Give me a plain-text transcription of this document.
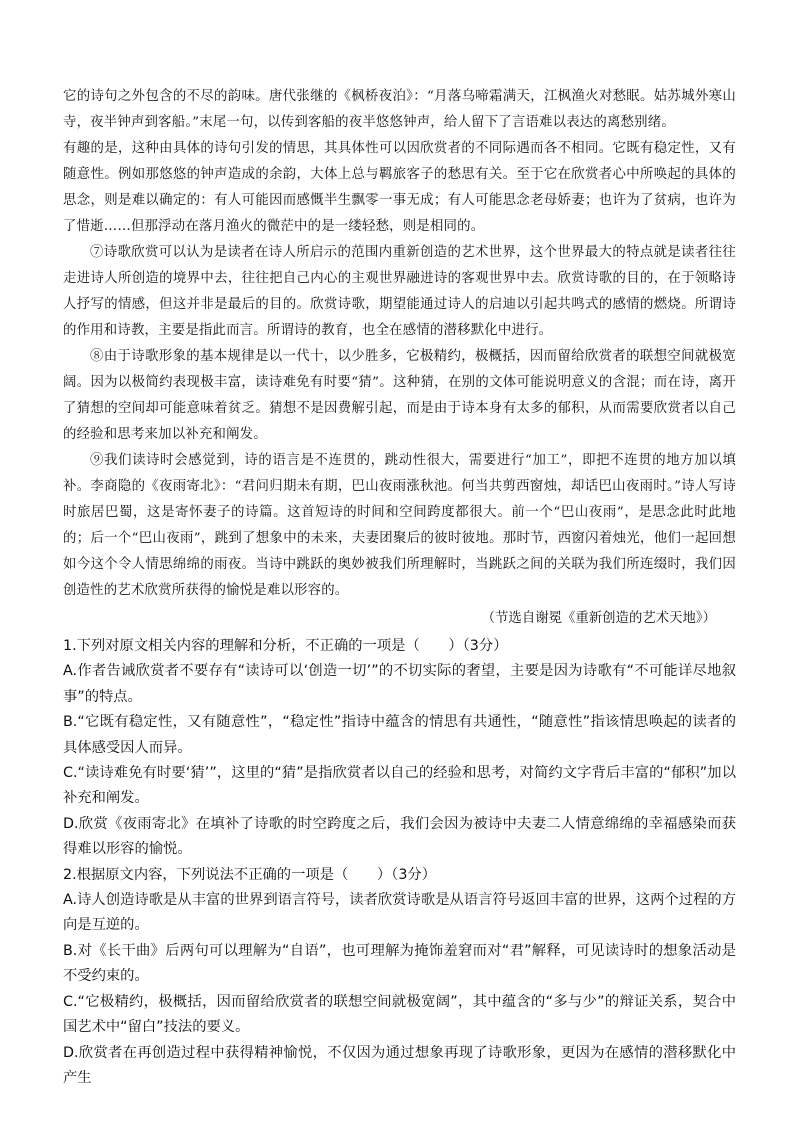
它的诗句之外包含的不尽的韵味。唐代张继的《枫桥夜泊》：“月落乌啼霜满天，江枫渔火对愁眠。姑苏城外寒山寺，夜半钟声到客船。”末尾一句，以传到客船的夜半悠悠钟声，给人留下了言语难以表达的离愁别绪。

有趣的是，这种由具体的诗句引发的情思，其具体性可以因欣赏者的不同际遇而各不相同。它既有稳定性，又有随意性。例如那悠悠的钟声造成的余韵，大体上总与羁旅客子的愁思有关。至于它在欣赏者心中所唤起的具体的思念，则是难以确定的：有人可能因而感慨半生飘零一事无成；有人可能思念老母娇妻；也许为了贫病，也许为了惜逝……但那浮动在落月渔火的微茫中的是一缕轻愁，则是相同的。

⑦诗歌欣赏可以认为是读者在诗人所启示的范围内重新创造的艺术世界，这个世界最大的特点就是读者往往走进诗人所创造的境界中去，往往把自己内心的主观世界融进诗的客观世界中去。欣赏诗歌的目的，在于领略诗人抒写的情感，但这并非是最后的目的。欣赏诗歌，期望能通过诗人的启迪以引起共鸣式的感情的燃烧。所谓诗的作用和诗教，主要是指此而言。所谓诗的教育，也全在感情的潜移默化中进行。

⑧由于诗歌形象的基本规律是以一代十，以少胜多，它极精约，极概括，因而留给欣赏者的联想空间就极宽阔。因为以极简约表现极丰富，读诗难免有时要“猜”。这种猜，在别的文体可能说明意义的含混；而在诗，离开了猜想的空间却可能意味着贫乏。猜想不是因费解引起，而是由于诗本身有太多的郁积，从而需要欣赏者以自己的经验和思考来加以补充和阐发。

⑨我们读诗时会感觉到，诗的语言是不连贯的，跳动性很大，需要进行“加工”，即把不连贯的地方加以填补。李商隐的《夜雨寄北》：“君问归期未有期，巴山夜雨涨秋池。何当共剪西窗烛，却话巴山夜雨时。”诗人写诗时旅居巴蜀，这是寄怀妻子的诗篇。这首短诗的时间和空间跨度都很大。前一个“巴山夜雨”，是思念此时此地的；后一个“巴山夜雨”，跳到了想象中的未来，夫妻团聚后的彼时彼地。那时节，西窗闪着烛光，他们一起回想如今这个令人情思绵绵的雨夜。当诗中跳跃的奥妙被我们所理解时，当跳跃之间的关联为我们所连缀时，我们因创造性的艺术欣赏所获得的愉悦是难以形容的。

（节选自谢冕《重新创造的艺术天地》）

1.下列对原文相关内容的理解和分析，不正确的一项是（　　）（3分）

A.作者告诫欣赏者不要存有“读诗可以‘创造一切’”的不切实际的奢望，主要是因为诗歌有“不可能详尽地叙事”的特点。

B.“它既有稳定性，又有随意性”，“稳定性”指诗中蕴含的情思有共通性，“随意性”指该情思唤起的读者的具体感受因人而异。

C.“读诗难免有时要‘猜’”，这里的“猜”是指欣赏者以自己的经验和思考，对简约文字背后丰富的“郁积”加以补充和阐发。

D.欣赏《夜雨寄北》在填补了诗歌的时空跨度之后，我们会因为被诗中夫妻二人情意绵绵的幸福感染而获得难以形容的愉悦。

2.根据原文内容，下列说法不正确的一项是（　　）（3分）

A.诗人创造诗歌是从丰富的世界到语言符号，读者欣赏诗歌是从语言符号返回丰富的世界，这两个过程的方向是互逆的。

B.对《长干曲》后两句可以理解为“自语”，也可理解为掩饰羞窘而对“君”解释，可见读诗时的想象活动是不受约束的。

C.“它极精约，极概括，因而留给欣赏者的联想空间就极宽阔”，其中蕴含的“多与少”的辩证关系，契合中国艺术中“留白”技法的要义。

D.欣赏者在再创造过程中获得精神愉悦，不仅因为通过想象再现了诗歌形象，更因为在感情的潜移默化中产生
